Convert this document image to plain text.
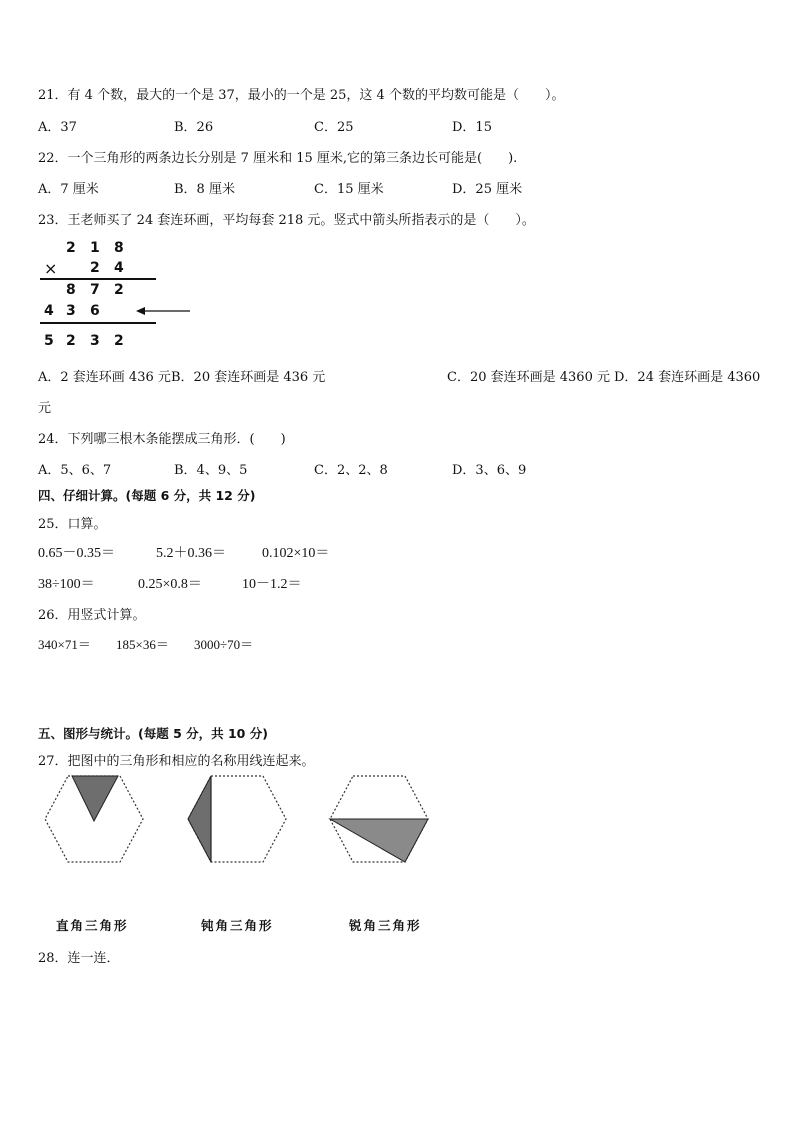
21．有 4 个数，最大的一个是 37，最小的一个是 25，这 4 个数的平均数可能是（　　）。
A．37	B．26	C．25	D．15
22．一个三角形的两条边长分别是 7 厘米和 15 厘米,它的第三条边长可能是(　　).
A．7 厘米	B．8 厘米	C．15 厘米	D．25 厘米
23．王老师买了 24 套连环画，平均每套 218 元。竖式中箭头所指表示的是（　　）。
2 1 8
× 2 4
8 7 2
4 3 6
5 2 3 2
A．2 套连环画 436 元 B．20 套连环画是 436 元	C．20 套连环画是 4360 元 D．24 套连环画是 4360
元
24．下列哪三根木条能摆成三角形．(　　)
A．5、6、7	B．4、9、5	C．2、2、8	D．3、6、9
四、仔细计算。(每题 6 分，共 12 分)
25．口算。
0.65－0.35＝	5.2＋0.36＝	0.102×10＝
38÷100＝	0.25×0.8＝	10－1.2＝
26．用竖式计算。
340×71＝ 185×36＝ 3000÷70＝
五、图形与统计。(每题 5 分，共 10 分)
27．把图中的三角形和相应的名称用线连起来。
直角三角形	钝角三角形	锐角三角形
28．连一连．
